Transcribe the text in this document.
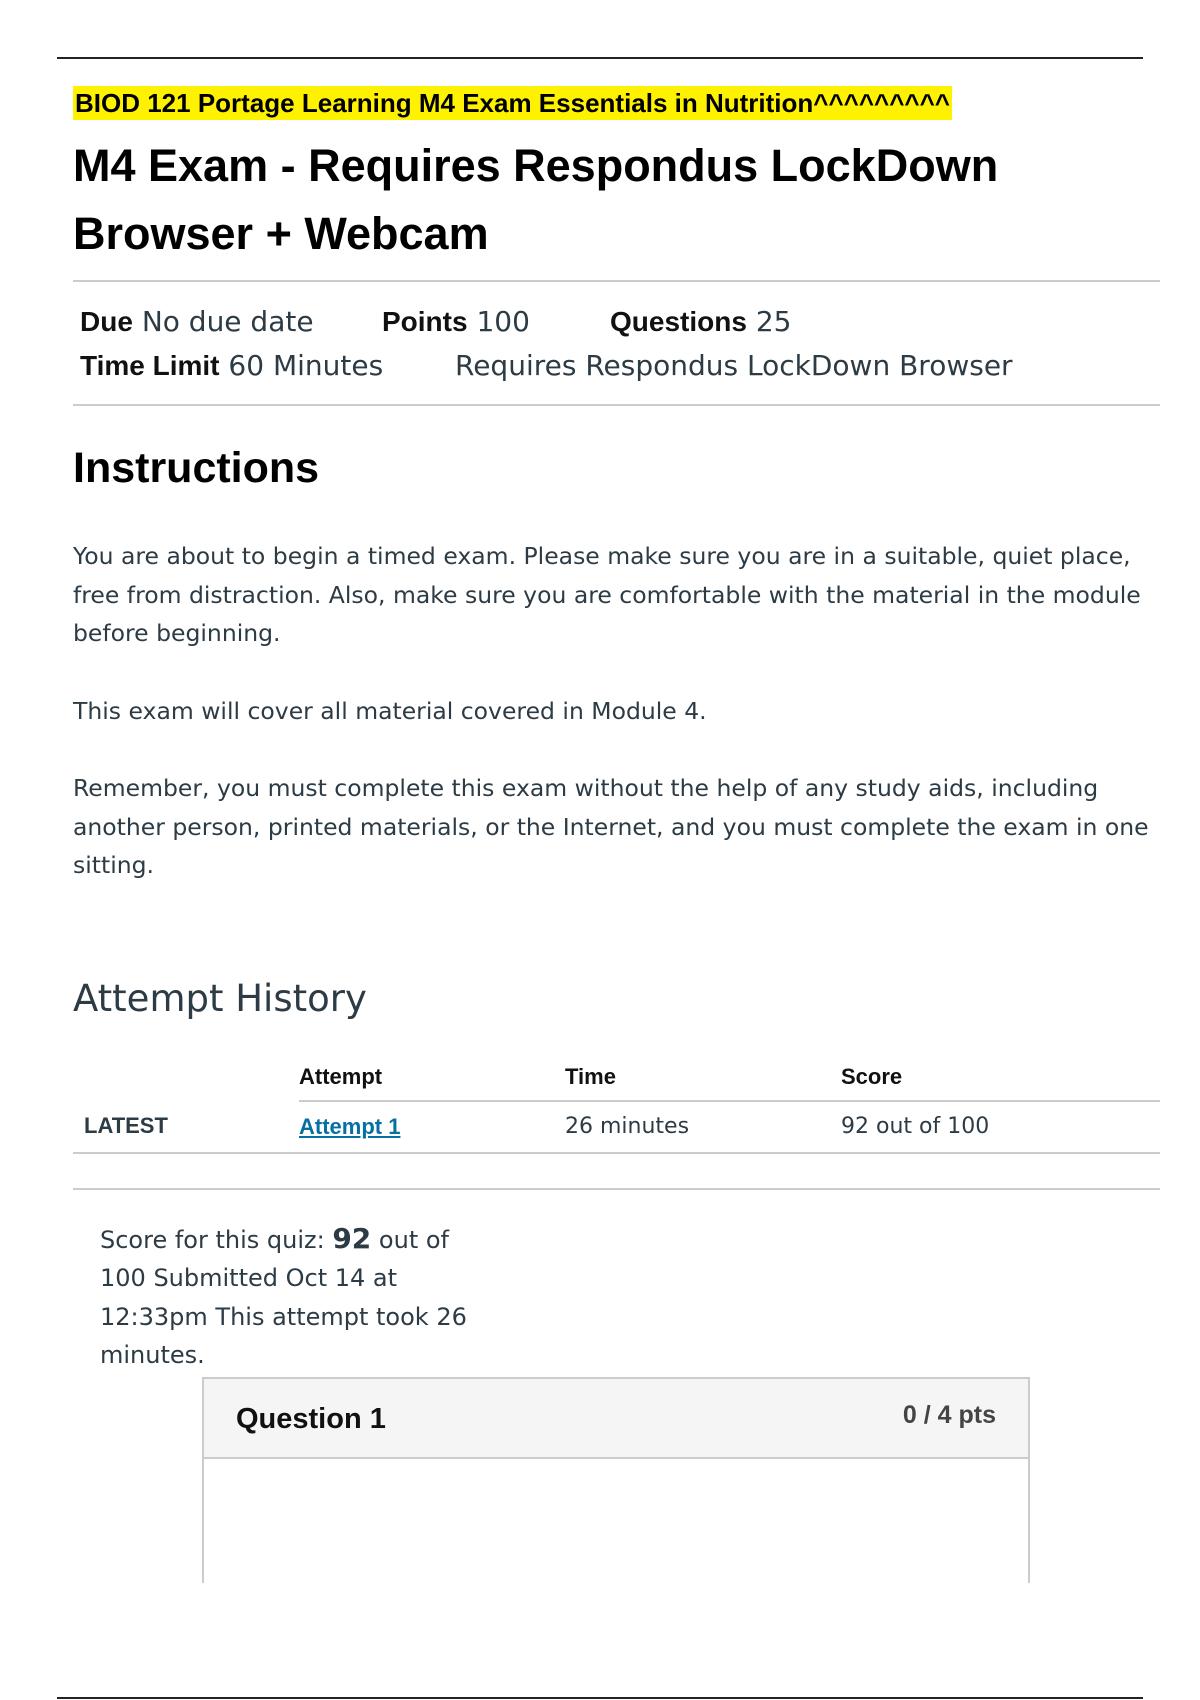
BIOD 121 Portage Learning M4 Exam Essentials in Nutrition^^^^^^^^^
M4 Exam - Requires Respondus LockDown Browser + Webcam
Due No due date	Points 100	Questions 25
Time Limit 60 Minutes	Requires Respondus LockDown Browser
Instructions

You are about to begin a timed exam. Please make sure you are in a suitable, quiet place, free from distraction. Also, make sure you are comfortable with the material in the module before beginning.

This exam will cover all material covered in Module 4.

Remember, you must complete this exam without the help of any study aids, including another person, printed materials, or the Internet, and you must complete the exam in one sitting.

Attempt History
	Attempt	Time	Score
LATEST	Attempt 1	26 minutes	92 out of 100
Score for this quiz: 92 out of 100 Submitted Oct 14 at 12:33pm This attempt took 26 minutes.
Question 1	0 / 4 pts
